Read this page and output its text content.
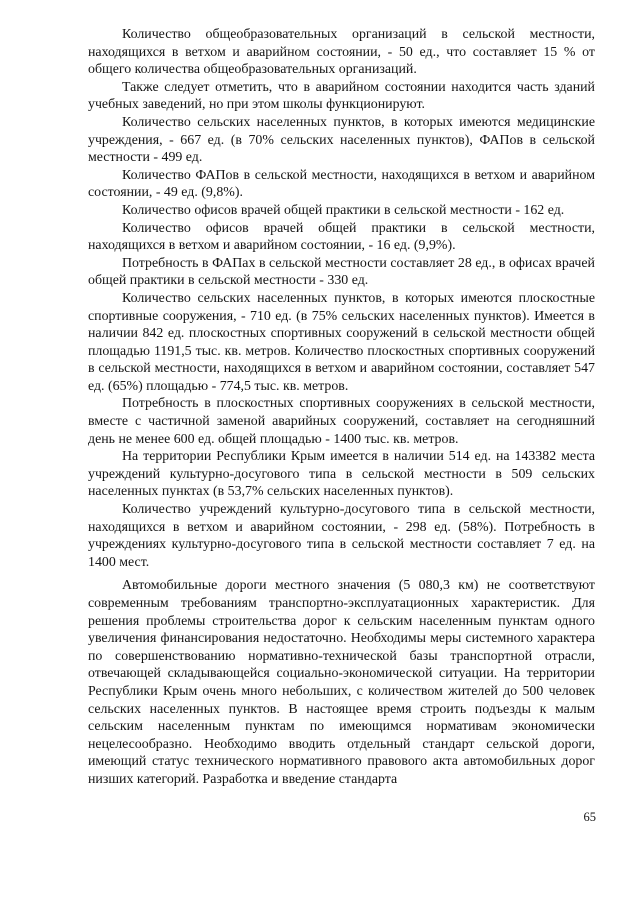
Количество общеобразовательных организаций в сельской местности, находящихся в ветхом и аварийном состоянии, - 50 ед., что составляет 15 % от общего количества общеобразовательных организаций.

Также следует отметить, что в аварийном состоянии находится часть зданий учебных заведений, но при этом школы функционируют.

Количество сельских населенных пунктов, в которых имеются медицинские учреждения, - 667 ед. (в 70% сельских населенных пунктов), ФАПов в сельской местности - 499 ед.

Количество ФАПов в сельской местности, находящихся в ветхом и аварийном состоянии, - 49 ед. (9,8%).

Количество офисов врачей общей практики в сельской местности - 162 ед.

Количество офисов врачей общей практики в сельской местности, находящихся в ветхом и аварийном состоянии, - 16 ед. (9,9%).

Потребность в ФАПах в сельской местности составляет 28 ед., в офисах врачей общей практики в сельской местности - 330 ед.

Количество сельских населенных пунктов, в которых имеются плоскостные спортивные сооружения, - 710 ед. (в 75% сельских населенных пунктов). Имеется в наличии 842 ед. плоскостных спортивных сооружений в сельской местности общей площадью 1191,5 тыс. кв. метров. Количество плоскостных спортивных сооружений в сельской местности, находящихся в ветхом и аварийном состоянии, составляет 547 ед. (65%) площадью - 774,5 тыс. кв. метров.

Потребность в плоскостных спортивных сооружениях в сельской местности, вместе с частичной заменой аварийных сооружений, составляет на сегодняшний день не менее 600 ед. общей площадью - 1400 тыс. кв. метров.

На территории Республики Крым имеется в наличии 514 ед. на 143382 места учреждений культурно-досугового типа в сельской местности в 509 сельских населенных пунктах (в 53,7% сельских населенных пунктов).

Количество учреждений культурно-досугового типа в сельской местности, находящихся в ветхом и аварийном состоянии, - 298 ед. (58%). Потребность в учреждениях культурно-досугового типа в сельской местности составляет 7 ед. на 1400 мест.

Автомобильные дороги местного значения (5 080,3 км) не соответствуют современным требованиям транспортно-эксплуатационных характеристик. Для решения проблемы строительства дорог к сельским населенным пунктам одного увеличения финансирования недостаточно. Необходимы меры системного характера по совершенствованию нормативно-технической базы транспортной отрасли, отвечающей складывающейся социально-экономической ситуации. На территории Республики Крым очень много небольших, с количеством жителей до 500 человек сельских населенных пунктов. В настоящее время строить подъезды к малым сельским населенным пунктам по имеющимся нормативам экономически нецелесообразно. Необходимо вводить отдельный стандарт сельской дороги, имеющий статус технического нормативного правового акта автомобильных дорог низших категорий. Разработка и введение стандарта

65
